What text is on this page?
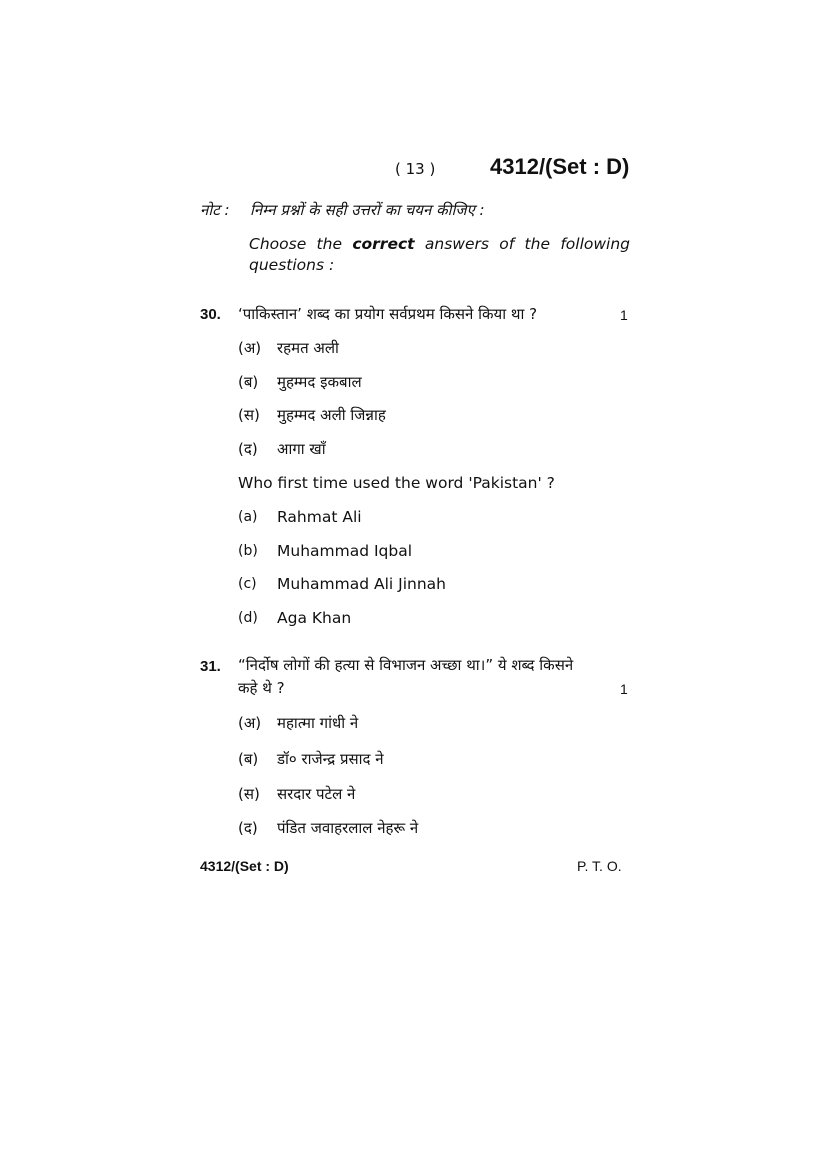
( 13 ) 4312/(Set : D)
नोट : निम्न प्रश्नों के सही उत्तरों का चयन कीजिए :
Choose the correct answers of the following
questions :
30. ‘पाकिस्तान’ शब्द का प्रयोग सर्वप्रथम किसने किया था ?	1
(अ) रहमत अली
(ब) मुहम्मद इकबाल
(स) मुहम्मद अली जिन्नाह
(द) आगा खाँ
Who first time used the word 'Pakistan' ?
(a) Rahmat Ali
(b) Muhammad Iqbal
(c) Muhammad Ali Jinnah
(d) Aga Khan
31. “निर्दोष लोगों की हत्या से विभाजन अच्छा था।” ये शब्द किसने
कहे थे ?	1
(अ) महात्मा गांधी ने
(ब) डॉ० राजेन्द्र प्रसाद ने
(स) सरदार पटेल ने
(द) पंडित जवाहरलाल नेहरू ने
4312/(Set : D)	P. T. O.
